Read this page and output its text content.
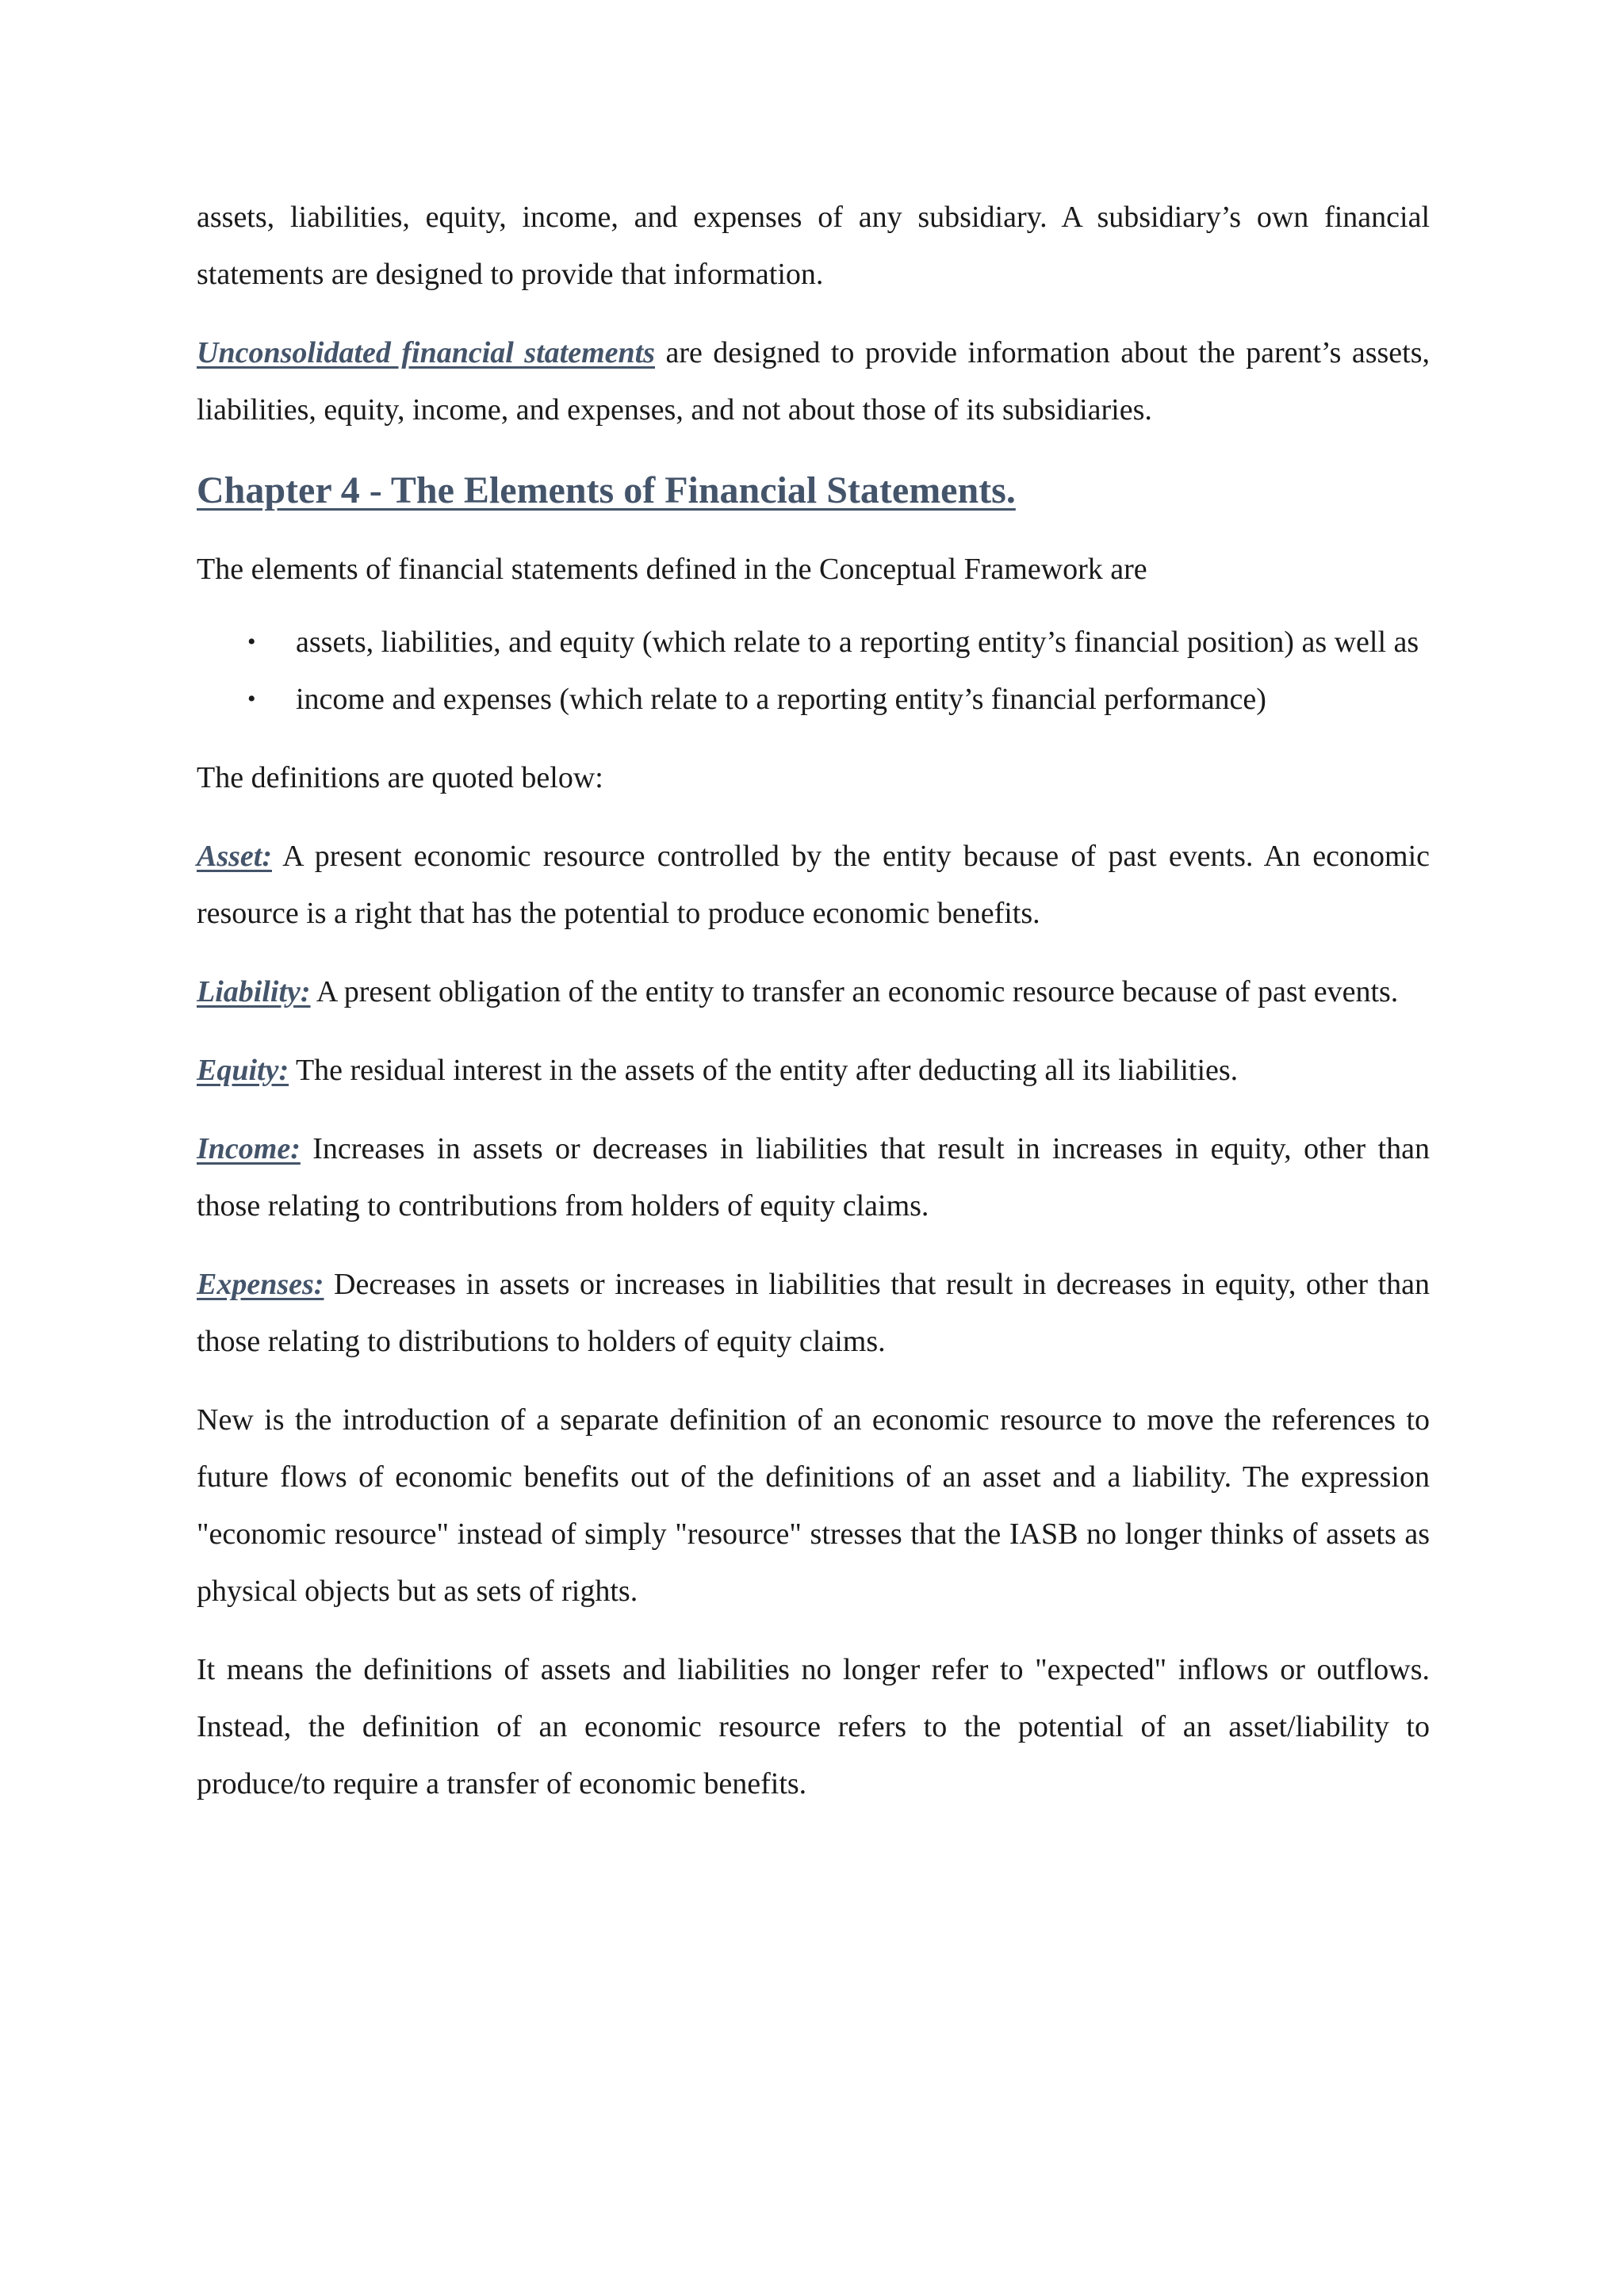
assets, liabilities, equity, income, and expenses of any subsidiary. A subsidiary’s own financial statements are designed to provide that information.

Unconsolidated financial statements are designed to provide information about the parent’s assets, liabilities, equity, income, and expenses, and not about those of its subsidiaries.

Chapter 4 - The Elements of Financial Statements.

The elements of financial statements defined in the Conceptual Framework are

• assets, liabilities, and equity (which relate to a reporting entity’s financial position) as well as
• income and expenses (which relate to a reporting entity’s financial performance)

The definitions are quoted below:

Asset: A present economic resource controlled by the entity because of past events. An economic resource is a right that has the potential to produce economic benefits.

Liability: A present obligation of the entity to transfer an economic resource because of past events.

Equity: The residual interest in the assets of the entity after deducting all its liabilities.

Income: Increases in assets or decreases in liabilities that result in increases in equity, other than those relating to contributions from holders of equity claims.

Expenses: Decreases in assets or increases in liabilities that result in decreases in equity, other than those relating to distributions to holders of equity claims.

New is the introduction of a separate definition of an economic resource to move the references to future flows of economic benefits out of the definitions of an asset and a liability. The expression "economic resource" instead of simply "resource" stresses that the IASB no longer thinks of assets as physical objects but as sets of rights.

It means the definitions of assets and liabilities no longer refer to "expected" inflows or outflows. Instead, the definition of an economic resource refers to the potential of an asset/liability to produce/to require a transfer of economic benefits.
